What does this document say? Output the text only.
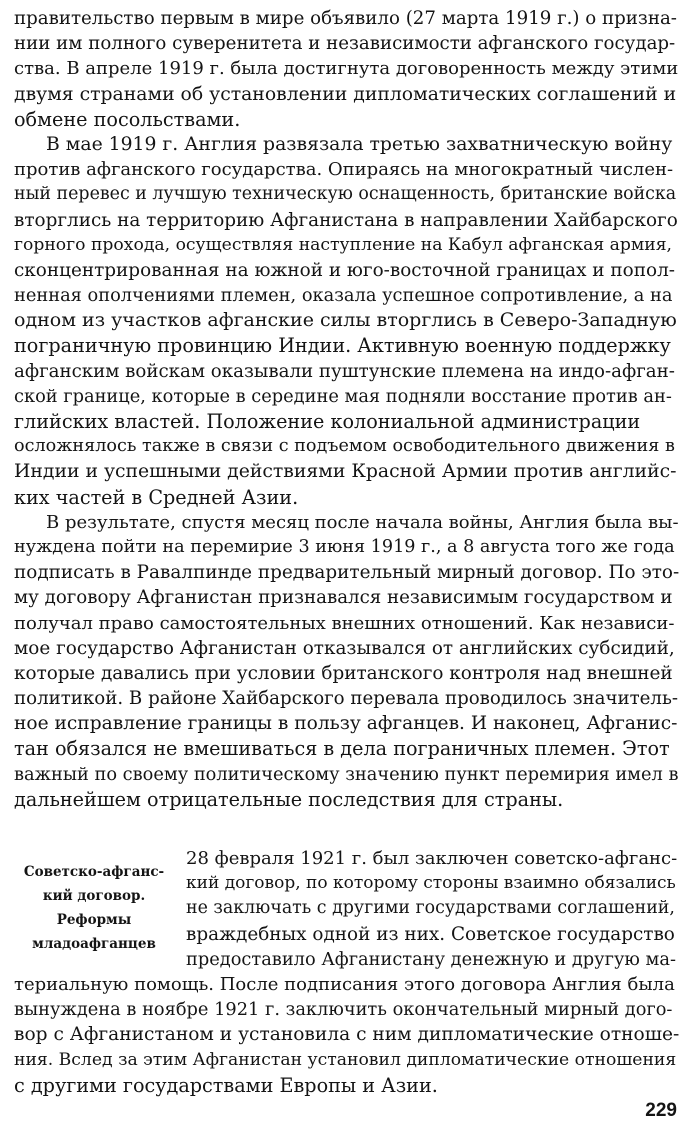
правительство первым в мире объявило (27 марта 1919 г.) о призна-
нии им полного суверенитета и независимости афганского государ-
ства. В апреле 1919 г. была достигнута договоренность между этими
двумя странами об установлении дипломатических соглашений и
обмене посольствами.
В мае 1919 г. Англия развязала третью захватническую войну
против афганского государства. Опираясь на многократный числен-
ный перевес и лучшую техническую оснащенность, британские войска
вторглись на территорию Афганистана в направлении Хайбарского
горного прохода, осуществляя наступление на Кабул афганская армия,
сконцентрированная на южной и юго-восточной границах и попол-
ненная ополчениями племен, оказала успешное сопротивление, а на
одном из участков афганские силы вторглись в Северо-Западную
пограничную провинцию Индии. Активную военную поддержку
афганским войскам оказывали пуштунские племена на индо-афган-
ской границе, которые в середине мая подняли восстание против ан-
глийских властей. Положение колониальной администрации
осложнялось также в связи с подъемом освободительного движения в
Индии и успешными действиями Красной Армии против английс-
ких частей в Средней Азии.
В результате, спустя месяц после начала войны, Англия была вы-
нуждена пойти на перемирие 3 июня 1919 г., а 8 августа того же года
подписать в Равалпинде предварительный мирный договор. По это-
му договору Афганистан признавался независимым государством и
получал право самостоятельных внешних отношений. Как независи-
мое государство Афганистан отказывался от английских субсидий,
которые давались при условии британского контроля над внешней
политикой. В районе Хайбарского перевала проводилось значитель-
ное исправление границы в пользу афганцев. И наконец, Афганис-
тан обязался не вмешиваться в дела пограничных племен. Этот
важный по своему политическому значению пункт перемирия имел в
дальнейшем отрицательные последствия для страны.
Советско-афганс-
кий договор.
Реформы
младоафганцев
28 февраля 1921 г. был заключен советско-афганс-
кий договор, по которому стороны взаимно обязались
не заключать с другими государствами соглашений,
враждебных одной из них. Советское государство
предоставило Афганистану денежную и другую ма-
териальную помощь. После подписания этого договора Англия была
вынуждена в ноябре 1921 г. заключить окончательный мирный дого-
вор с Афганистаном и установила с ним дипломатические отноше-
ния. Вслед за этим Афганистан установил дипломатические отношения
с другими государствами Европы и Азии.
229
